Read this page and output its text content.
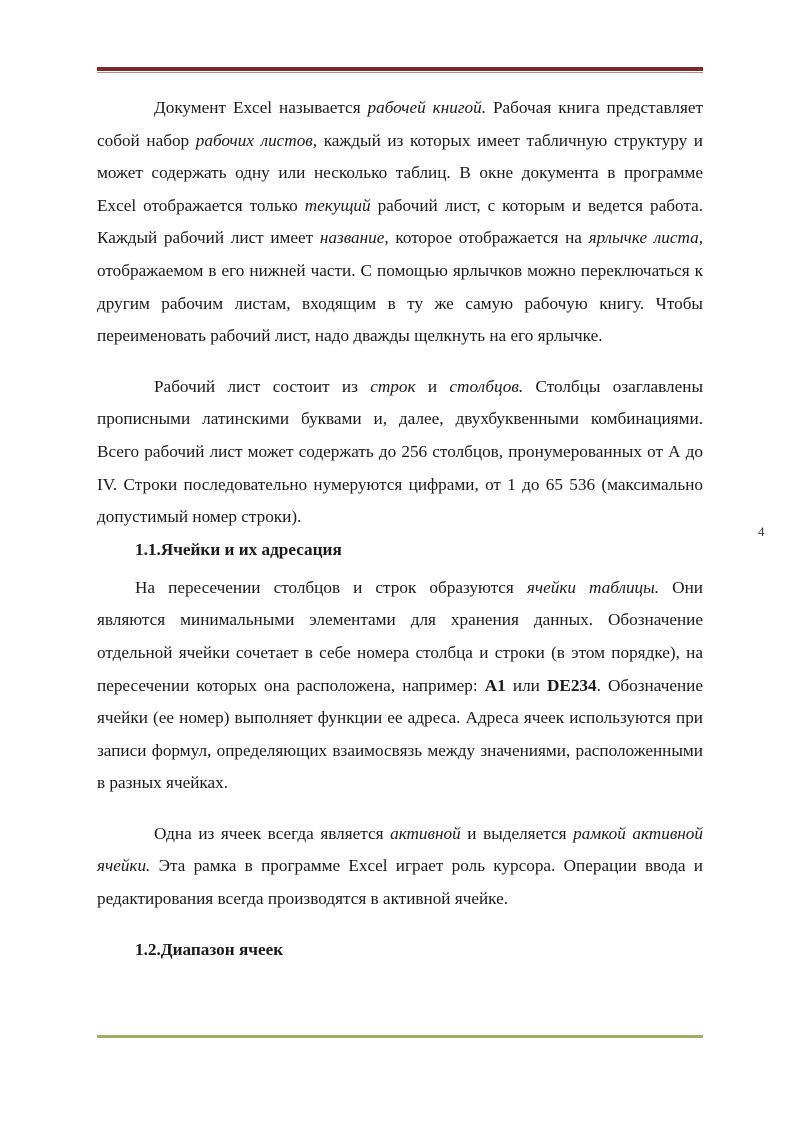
4

Документ Excel называется рабочей книгой. Рабочая книга представляет собой набор рабочих листов, каждый из которых имеет табличную структуру и может содержать одну или несколько таблиц. В окне документа в программе Excel отображается только текущий рабочий лист, с которым и ведется работа. Каждый рабочий лист имеет название, которое отображается на ярлычке листа, отображаемом в его нижней части. С помощью ярлычков можно переключаться к другим рабочим листам, входящим в ту же самую рабочую книгу. Чтобы переименовать рабочий лист, надо дважды щелкнуть на его ярлычке.

Рабочий лист состоит из строк и столбцов. Столбцы озаглавлены прописными латинскими буквами и, далее, двухбуквенными комбинациями. Всего рабочий лист может содержать до 256 столбцов, пронумерованных от А до IV. Строки последовательно нумеруются цифрами, от 1 до 65 536 (максимально допустимый номер строки).

1.1.Ячейки и их адресация

На пересечении столбцов и строк образуются ячейки таблицы. Они являются минимальными элементами для хранения данных. Обозначение отдельной ячейки сочетает в себе номера столбца и строки (в этом порядке), на пересечении которых она расположена, например: A1 или DE234. Обозначение ячейки (ее номер) выполняет функции ее адреса. Адреса ячеек используются при записи формул, определяющих взаимосвязь между значениями, расположенными в разных ячейках.

Одна из ячеек всегда является активной и выделяется рамкой активной ячейки. Эта рамка в программе Excel играет роль курсора. Операции ввода и редактирования всегда производятся в активной ячейке.

1.2.Диапазон ячеек
